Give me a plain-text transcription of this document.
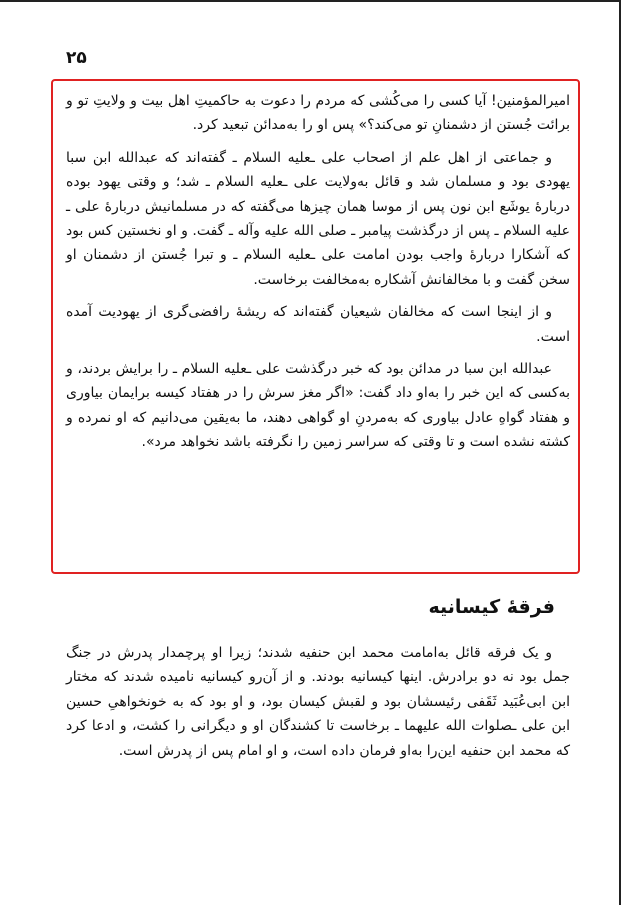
۲۵

امیرالمؤمنین! آیا کسی را می‌کُشی که مردم را دعوت به حاکمیتِ اهل بیت و ولایتِ تو و برائت جُستن از دشمنانِ تو می‌کند؟» پس او را به‌مدائن تبعید کرد.

و جماعتی از اهل علم از اصحاب علی ـعلیه السلام ـ گفته‌اند که عبدالله ابن سبا یهودی بود و مسلمان شد و قائل به‌ولایت علی ـعلیه السلام ـ شد؛ و وقتی یهود بوده دربارهٔ یوشَع ابن نون پس از موسا همان چیزها می‌گفته که در مسلمانیش دربارهٔ علی ـ علیه السلام ـ پس از درگذشت پیامبر ـ صلی الله علیه وآله ـ گفت. و او نخستین کس بود که آشکارا دربارهٔ واجب بودن امامت علی ـعلیه السلام ـ و تبرا جُستن از دشمنان او سخن گفت و با مخالفانش آشکاره به‌مخالفت برخاست.

و از اینجا است که مخالفان شیعیان گفته‌اند که ریشهٔ رافضی‌گری از یهودیت آمده است.

عبدالله ابن سبا در مدائن بود که خبر درگذشت علی ـعلیه السلام ـ را برایش بردند، و به‌کسی که این خبر را به‌او داد گفت: «اگر مغز سرش را در هفتاد کیسه برایمان بیاوری و هفتاد گواهِ عادل بیاوری که به‌مردنِ او گواهی دهند، ما به‌یقین می‌دانیم که او نمرده و کشته نشده است و تا وقتی که سراسر زمین را نگرفته باشد نخواهد مرد».

فرقهٔ کیسانیه

و یک فرقه قائل به‌امامت محمد ابن حنفیه شدند؛ زیرا او پرچمدار پدرش در جنگ جمل بود نه دو برادرش. اینها کیسانیه بودند. و از آن‌رو کیسانیه نامیده شدند که مختار ابن ابی‌عُبَید ثَقَفی رئیسشان بود و لقبش کیسان بود، و او بود که به خونخواهیِ حسین ابن علی ـصلوات الله علیهما ـ برخاست تا کشندگان او و دیگرانی را کشت، و ادعا کرد که محمد ابن حنفیه این‌را به‌او فرمان داده است، و او امام پس از پدرش است.
